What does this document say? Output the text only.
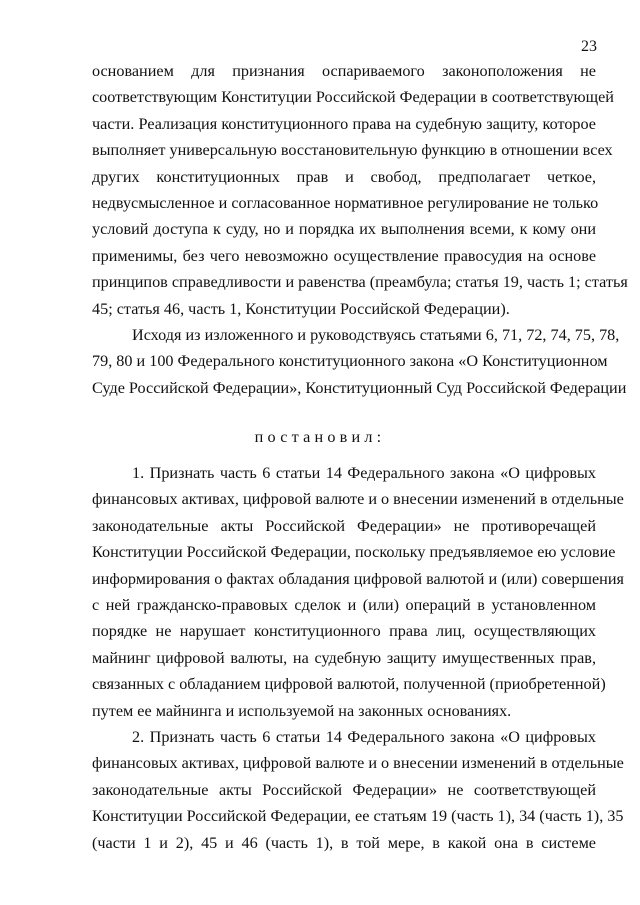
23
основанием для признания оспариваемого законоположения не
соответствующим Конституции Российской Федерации в соответствующей
части. Реализация конституционного права на судебную защиту, которое
выполняет универсальную восстановительную функцию в отношении всех
других конституционных прав и свобод, предполагает четкое,
недвусмысленное и согласованное нормативное регулирование не только
условий доступа к суду, но и порядка их выполнения всеми, к кому они
применимы, без чего невозможно осуществление правосудия на основе
принципов справедливости и равенства (преамбула; статья 19, часть 1; статья
45; статья 46, часть 1, Конституции Российской Федерации).
Исходя из изложенного и руководствуясь статьями 6, 71, 72, 74, 75, 78,
79, 80 и 100 Федерального конституционного закона «О Конституционном
Суде Российской Федерации», Конституционный Суд Российской Федерации
постановил:
1. Признать часть 6 статьи 14 Федерального закона «О цифровых
финансовых активах, цифровой валюте и о внесении изменений в отдельные
законодательные акты Российской Федерации» не противоречащей
Конституции Российской Федерации, поскольку предъявляемое ею условие
информирования о фактах обладания цифровой валютой и (или) совершения
с ней гражданско-правовых сделок и (или) операций в установленном
порядке не нарушает конституционного права лиц, осуществляющих
майнинг цифровой валюты, на судебную защиту имущественных прав,
связанных с обладанием цифровой валютой, полученной (приобретенной)
путем ее майнинга и используемой на законных основаниях.
2. Признать часть 6 статьи 14 Федерального закона «О цифровых
финансовых активах, цифровой валюте и о внесении изменений в отдельные
законодательные акты Российской Федерации» не соответствующей
Конституции Российской Федерации, ее статьям 19 (часть 1), 34 (часть 1), 35
(части 1 и 2), 45 и 46 (часть 1), в той мере, в какой она в системе
